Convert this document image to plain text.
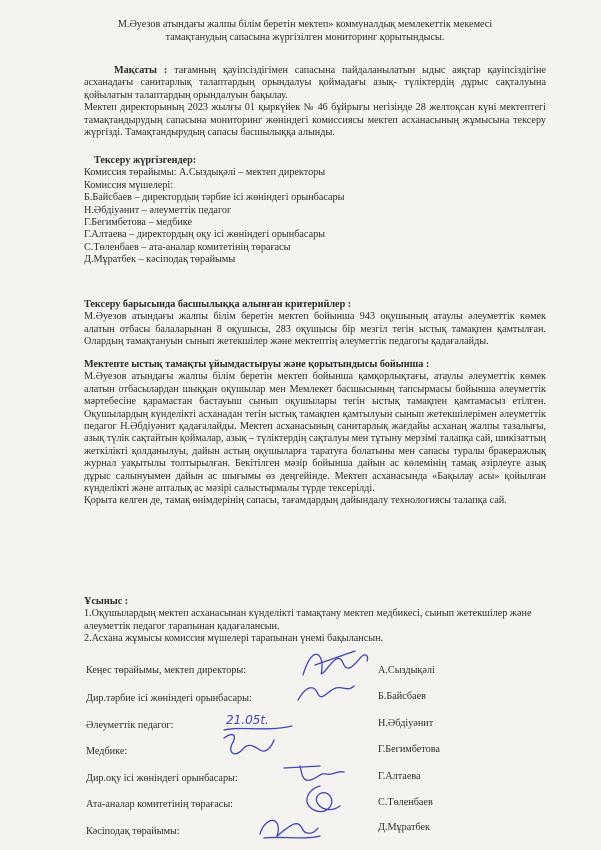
М.Әуезов атындағы жалпы білім беретін мектеп» коммуналдық мемлекеттік мекемесі

тамақтанудың сапасына жүргізілген мониторинг қорытындысы.

Мақсаты : тағамның қауіпсіздігімен сапасына пайдаланылатын ыдыс аяқтар қауіпсіздігіне асханадағы санитарлық талаптардың орындалуы қоймадағы азық- түліктердің дұрыс сақталуына қойылатын талаптардың орындалуын бақылау.

Мектеп директорының 2023 жылғы 01 қыркүйек № 46 бұйрығы негізінде 28 желтоқсан күні мектептегі тамақтандырудың сапасына мониторинг жөніндегі комиссиясы мектеп асханасының жұмысына тексеру жүргізді. Тамақтандырудың сапасы басшылыққа алынды.

Тексеру жүргізгендер:

Комиссия төрайымы: А.Сыздықәлі – мектеп директоры

Комиссия мүшелері:

Б.Байсбаев – директордың тәрбие ісі жөніндегі орынбасары

Н.Әбдіуәнит – әлеуметтік педагог

Г.Бегимбетова – медбике

Г.Алтаева – директордың оқу ісі жөніндегі орынбасары

С.Төленбаев – ата-аналар комитетінің төрағасы

Д.Мұратбек – кәсіподақ төрайымы

Тексеру барысында басшылыққа алынған критерийлер :

М.Әуезов атындағы жалпы білім беретін мектеп бойынша 943 оқушының атаулы әлеуметтік көмек алатын отбасы балаларынан 8 оқушысы, 283 оқушысы бір мезгіл тегін ыстық тамақпен қамтылған. Олардың тамақтануын сынып жетекшілер және мектептің әлеуметтік педагогы қадағалайды.

Мектепте ыстық тамақты ұйымдастыруы және қорытындысы бойынша :

М.Әуезов атындағы жалпы білім беретін мектеп бойынша қамқорлықтағы, атаулы әлеуметтік көмек алатын отбасылардан шыққан оқушылар мен Мемлекет басшысының тапсырмасы бойынша әлеуметтік мәртебесіне қарамастан бастауыш сынып оқушылары тегін ыстық тамақпен қамтамасыз етілген. Оқушылардың күнделікті асханадан тегін ыстық тамақпен қамтылуын сынып жетекшілерімен әлеуметтік педагог Н.Әбдіуәнит қадағалайды. Мектеп асханасының санитарлық жағдайы асханаң жалпы тазалығы, азық түлік сақтайтын қоймалар, азық – түліктердің сақталуы мен тұтыну мерзімі талапқа сай, шикізаттың жеткілікті қолданылуы, дайын астың оқушыларға таратуға болатыны мен сапасы туралы бракеражлық журнал уақытылы толтырылған. Бекітілген мәзір бойынша дайын ас көлемінің тамақ әзірлеуге азық дұрыс салынуымен дайын ас шығымы өз деңгейінде. Мектеп асханасында «Бақылау асы» қойылған күнделікті және апталық ас мәзірі салыстырмалы түрде тексерілді.

Қорыта келген де, тамақ өнімдерінің сапасы, тағамдардың дайындалу технологиясы талапқа сай.

Ұсыныс :

1.Оқушылардың мектеп асханасынан күнделікті тамақтану мектеп медбикесі, сынып жетекшілер және әлеуметтік педагог тарапынан қадағалансын.

2.Асхана жұмысы комиссия мүшелері тарапынан үнемі бақылансын.

Кеңес төрайымы, мектеп директоры:	А.Сыздықәлі
Дир.тәрбие ісі жөніндегі орынбасары:	Б.Байсбаев
Әлеуметтік педагог:	Н.Әбдіуәнит
Медбике:	Г.Бегимбетова
Дир.оқу ісі жөніндегі орынбасары:	Г.Алтаева
Ата-аналар комитетінің төрағасы:	С.Төленбаев
Кәсіподақ төрайымы:	Д.Мұратбек
21.05t.
